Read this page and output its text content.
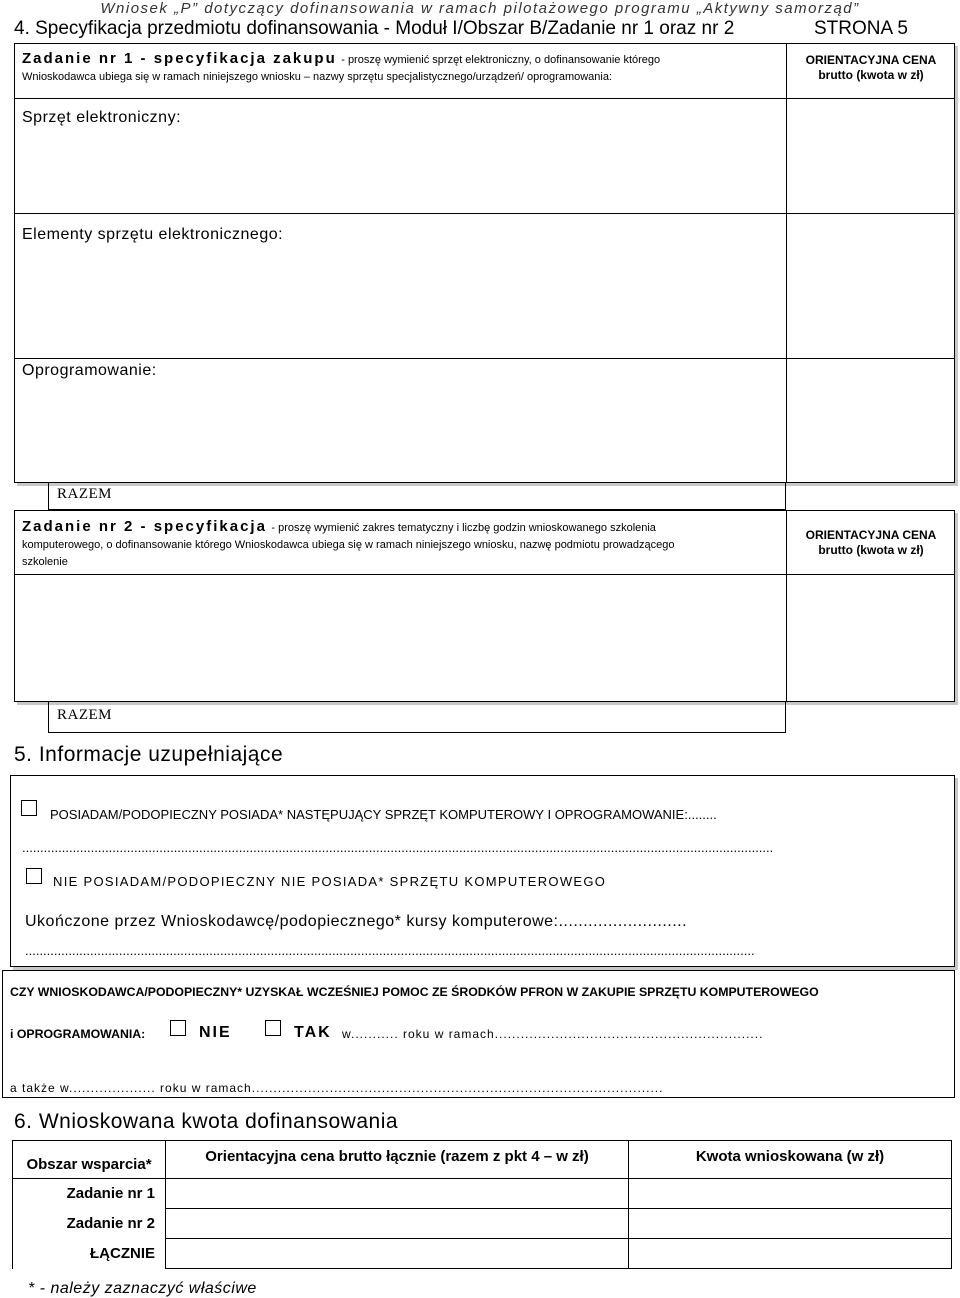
Wniosek „P” dotyczący dofinansowania w ramach pilotażowego programu „Aktywny samorząd”
4. Specyfikacja przedmiotu dofinansowania - Moduł I/Obszar B/Zadanie nr 1 oraz nr 2	STRONA 5
Zadanie nr 1 - specyfikacja zakupu - proszę wymienić sprzęt elektroniczny, o dofinansowanie którego
Wnioskodawca ubiega się w ramach niniejszego wniosku – nazwy sprzętu specjalistycznego/urządzeń/ oprogramowania:
ORIENTACYJNA CENA
brutto (kwota w zł)
Sprzęt elektroniczny:
Elementy sprzętu elektronicznego:
Oprogramowanie:
RAZEM
Zadanie nr 2 - specyfikacja - proszę wymienić zakres tematyczny i liczbę godzin wnioskowanego szkolenia
komputerowego, o dofinansowanie którego Wnioskodawca ubiega się w ramach niniejszego wniosku, nazwę podmiotu prowadzącego
szkolenie
ORIENTACYJNA CENA
brutto (kwota w zł)
RAZEM
5. Informacje uzupełniające
POSIADAM/PODOPIECZNY POSIADA* NASTĘPUJĄCY SPRZĘT KOMPUTEROWY I OPROGRAMOWANIE:........
................................................................................................................................................................................................................
NIE POSIADAM/PODOPIECZNY NIE POSIADA* SPRZĘTU KOMPUTEROWEGO
Ukończone przez Wnioskodawcę/podopiecznego* kursy komputerowe:..........................
..........................................................................................................................................................................................................
CZY WNIOSKODAWCA/PODOPIECZNY* UZYSKAŁ WCZEŚNIEJ POMOC ZE ŚRODKÓW PFRON W ZAKUPIE SPRZĘTU KOMPUTEROWEGO
i OPROGRAMOWANIA:	NIE	TAK w........... roku w ramach..............................................................
a także w.................... roku w ramach...............................................................................................
6. Wnioskowana kwota dofinansowania
Obszar wsparcia*	Orientacyjna cena brutto łącznie (razem z pkt 4 – w zł)	Kwota wnioskowana (w zł)
Zadanie nr 1		
Zadanie nr 2		
ŁĄCZNIE		
* - należy zaznaczyć właściwe
